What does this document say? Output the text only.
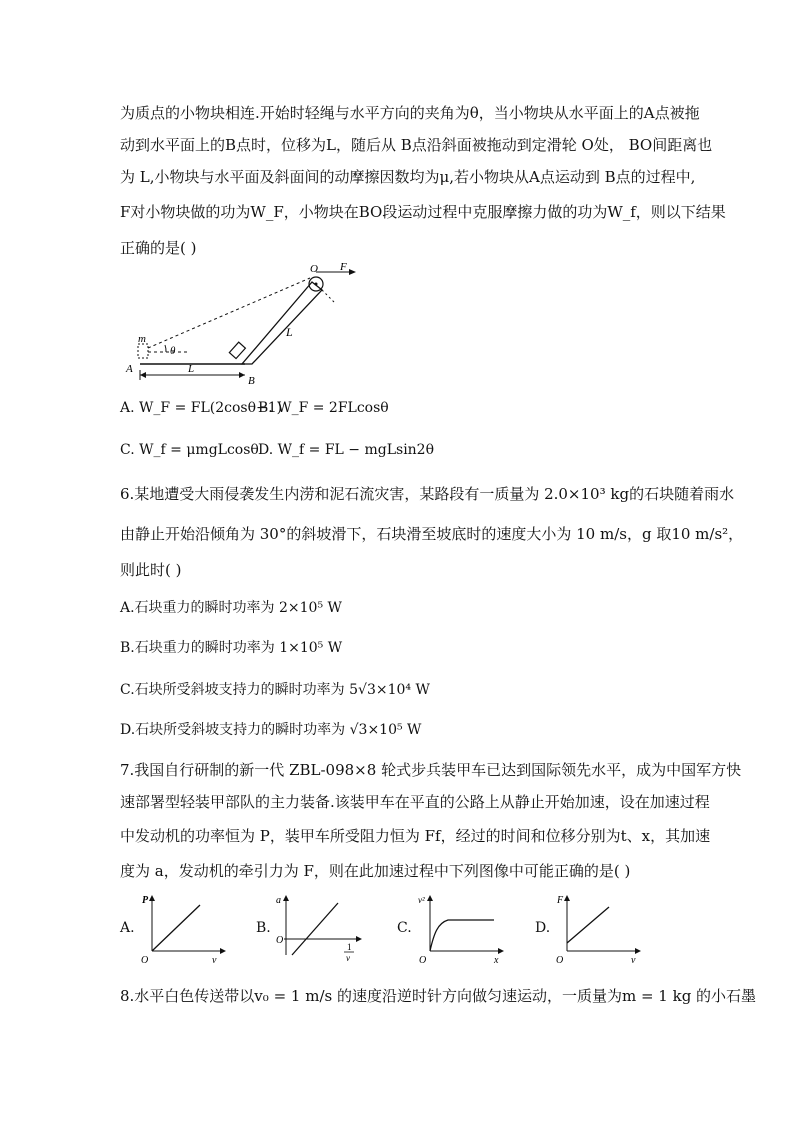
为质点的小物块相连.开始时轻绳与水平方向的夹角为θ，当小物块从水平面上的A点被拖
动到水平面上的B点时，位移为L，随后从 B点沿斜面被拖动到定滑轮 O处， BO间距离也
为 L,小物块与水平面及斜面间的动摩擦因数均为μ,若小物块从A点运动到 B点的过程中,
F对小物块做的功为W_F，小物块在BO段运动过程中克服摩擦力做的功为W_f，则以下结果
正确的是( )
O F
L
m
θ
A	L
B
A. W_F = FL(2cosθ−1)
B. W_F = 2FLcosθ
C. W_f = μmgLcosθ D. W_f = FL − mgLsin2θ
6.某地遭受大雨侵袭发生内涝和泥石流灾害，某路段有一质量为 2.0×10³ kg的石块随着雨水
由静止开始沿倾角为 30°的斜坡滑下，石块滑至坡底时的速度大小为 10 m/s，g 取10 m/s²，
则此时( )
A.石块重力的瞬时功率为 2×10⁵ W
B.石块重力的瞬时功率为 1×10⁵ W
C.石块所受斜坡支持力的瞬时功率为 5√3×10⁴ W
D.石块所受斜坡支持力的瞬时功率为 √3×10⁵ W
7.我国自行研制的新一代 ZBL-098×8 轮式步兵装甲车已达到国际领先水平，成为中国军方快
速部署型轻装甲部队的主力装备.该装甲车在平直的公路上从静止开始加速，设在加速过程
中发动机的功率恒为 P，装甲车所受阻力恒为 Ff，经过的时间和位移分别为t、x，其加速
度为 a，发动机的牵引力为 F，则在此加速过程中下列图像中可能正确的是( )
A.
P
v
O
B.
a
O
1
v
C.
v²
x
O
D.
F
v
O
8.水平白色传送带以v₀ = 1 m/s 的速度沿逆时针方向做匀速运动，一质量为m = 1 kg 的小石墨
